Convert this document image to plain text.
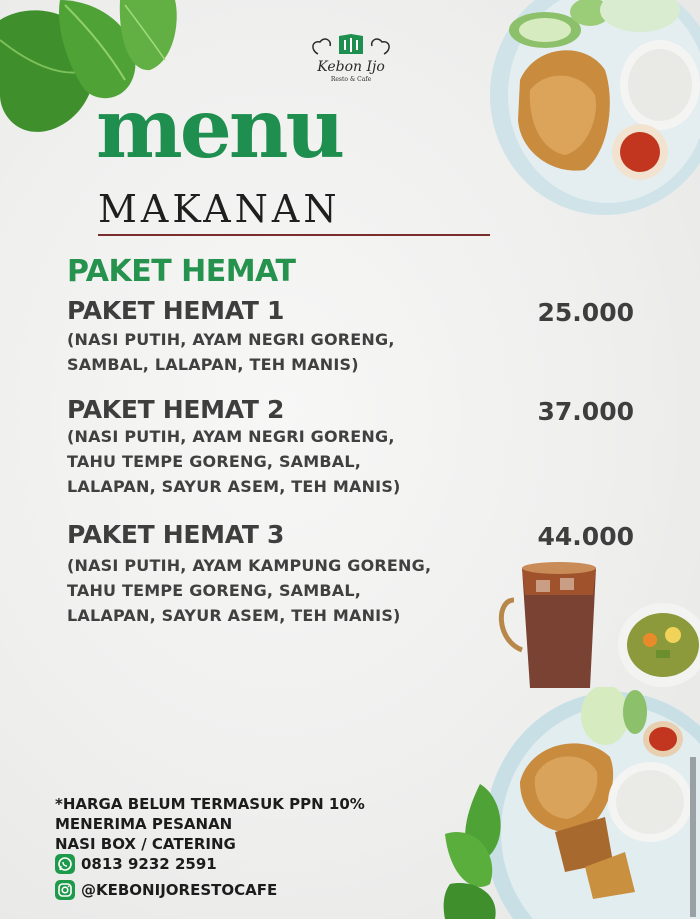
Kebon Ijo
Resto & Cafe
menu
MAKANAN
PAKET HEMAT
PAKET HEMAT 1	25.000
(NASI PUTIH, AYAM NEGRI GORENG,
SAMBAL, LALAPAN, TEH MANIS)
PAKET HEMAT 2	37.000
(NASI PUTIH, AYAM NEGRI GORENG,
TAHU TEMPE GORENG, SAMBAL,
LALAPAN, SAYUR ASEM, TEH MANIS)
PAKET HEMAT 3	44.000
(NASI PUTIH, AYAM KAMPUNG GORENG,
TAHU TEMPE GORENG, SAMBAL,
LALAPAN, SAYUR ASEM, TEH MANIS)
*HARGA BELUM TERMASUK PPN 10%
MENERIMA PESANAN
NASI BOX / CATERING
0813 9232 2591
@KEBONIJORESTOCAFE
